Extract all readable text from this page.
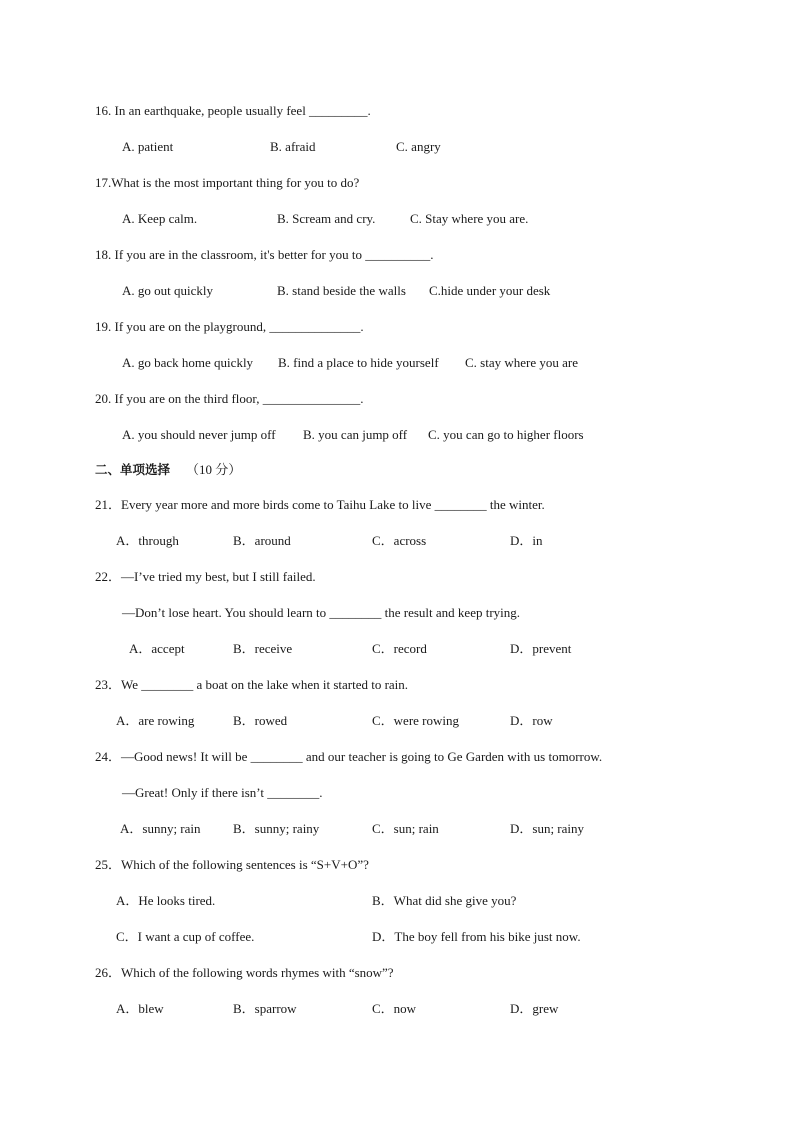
16. In an earthquake, people usually feel _________.
A. patient	B. afraid	C. angry
17.What is the most important thing for you to do?
A. Keep calm.	B. Scream and cry.	C. Stay where you are.
18. If you are in the classroom, it's better for you to __________.
A. go out quickly	B. stand beside the walls C.hide under your desk
19. If you are on the playground, ______________.
A. go back home quickly B. find a place to hide yourself C. stay where you are
20. If you are on the third floor, _______________.
A. you should never jump off B. you can jump off C. you can go to higher floors
二、单项选择 （10 分）
21．Every year more and more birds come to Taihu Lake to live ________ the winter.
A．through	B．around	C．across	D．in
22．—I’ve tried my best, but I still failed.
—Don’t lose heart. You should learn to ________ the result and keep trying.
A．accept	B．receive	C．record	D．prevent
23．We ________ a boat on the lake when it started to rain.
A．are rowing	B．rowed	C．were rowing	D．row
24．—Good news! It will be ________ and our teacher is going to Ge Garden with us tomorrow.
—Great! Only if there isn’t ________.
A．sunny; rain B．sunny; rainy	C．sun; rain	D．sun; rainy
25．Which of the following sentences is “S+V+O”?
A．He looks tired.	B．What did she give you?
C．I want a cup of coffee.	D．The boy fell from his bike just now.
26．Which of the following words rhymes with “snow”?
A．blew	B．sparrow	C．now	D．grew
